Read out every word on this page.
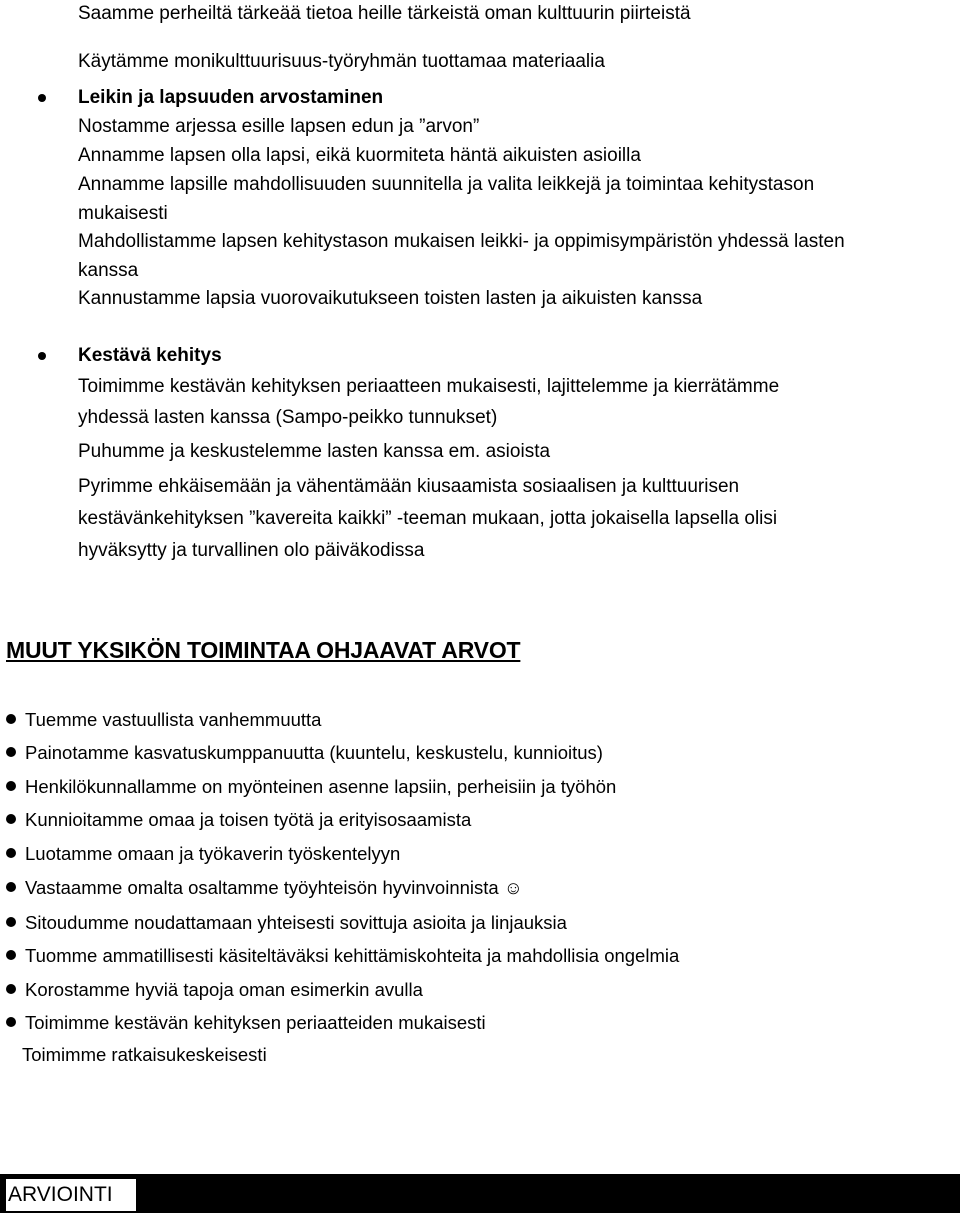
Saamme perheiltä tärkeää tietoa heille tärkeistä oman kulttuurin piirteistä
Käytämme monikulttuurisuus-työryhmän tuottamaa materiaalia
Leikin ja lapsuuden arvostaminen
Nostamme arjessa esille lapsen edun ja ”arvon”
Annamme lapsen olla lapsi, eikä kuormiteta häntä aikuisten asioilla
Annamme lapsille mahdollisuuden suunnitella ja valita leikkejä ja toimintaa kehitystason
mukaisesti
Mahdollistamme lapsen kehitystason mukaisen leikki- ja oppimisympäristön yhdessä lasten
kanssa
Kannustamme lapsia vuorovaikutukseen toisten lasten ja aikuisten kanssa
Kestävä kehitys
Toimimme kestävän kehityksen periaatteen mukaisesti, lajittelemme ja kierrätämme
yhdessä lasten kanssa (Sampo-peikko tunnukset)
Puhumme ja keskustelemme lasten kanssa em. asioista
Pyrimme ehkäisemään ja vähentämään kiusaamista sosiaalisen ja kulttuurisen
kestävänkehityksen ”kavereita kaikki” -teeman mukaan, jotta jokaisella lapsella olisi
hyväksytty ja turvallinen olo päiväkodissa
MUUT YKSIKÖN TOIMINTAA OHJAAVAT ARVOT
Tuemme vastuullista vanhemmuutta
Painotamme kasvatuskumppanuutta (kuuntelu, keskustelu, kunnioitus)
Henkilökunnallamme on myönteinen asenne lapsiin, perheisiin ja työhön
Kunnioitamme omaa ja toisen työtä ja erityisosaamista
Luotamme omaan ja työkaverin työskentelyyn
Vastaamme omalta osaltamme työyhteisön hyvinvoinnista ☺
Sitoudumme noudattamaan yhteisesti sovittuja asioita ja linjauksia
Tuomme ammatillisesti käsiteltäväksi kehittämiskohteita ja mahdollisia ongelmia
Korostamme hyviä tapoja oman esimerkin avulla
Toimimme kestävän kehityksen periaatteiden mukaisesti
Toimimme ratkaisukeskeisesti
ARVIOINTI
